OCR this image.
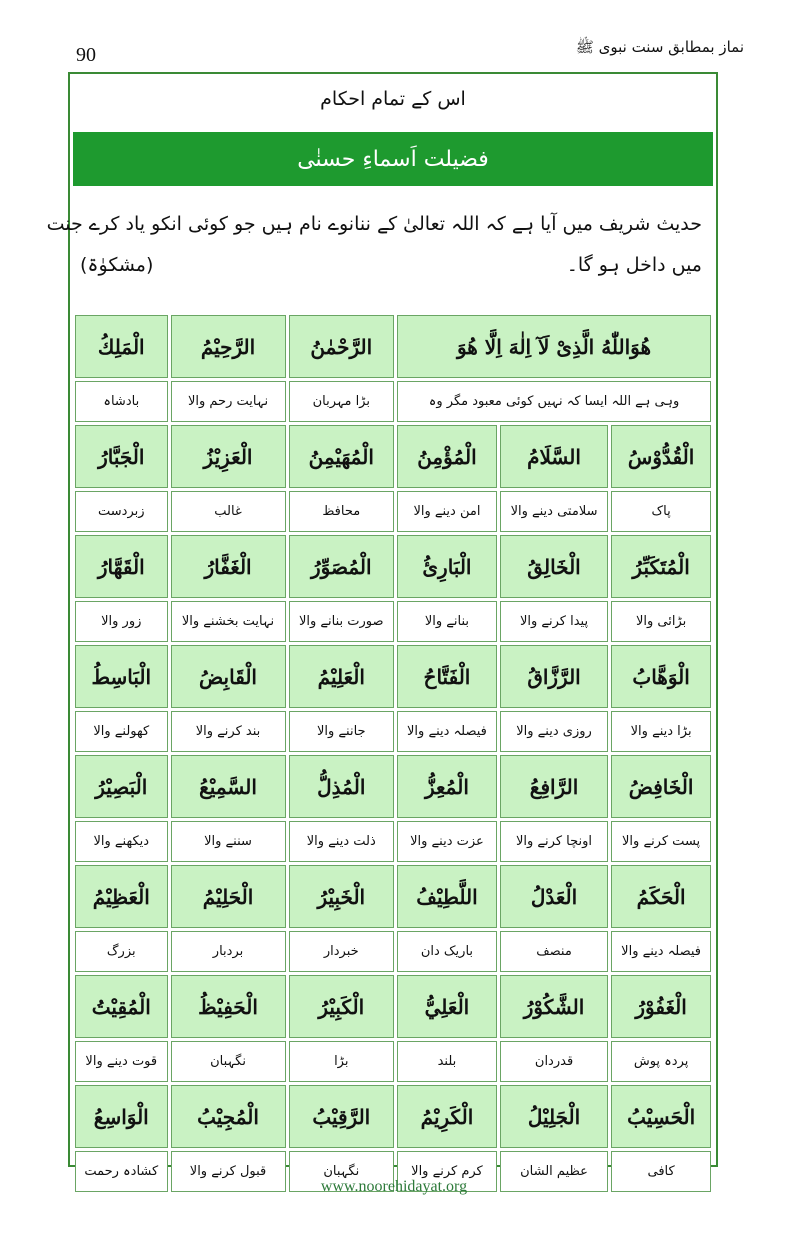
90	نماز بمطابق سنت نبوی ﷺ
اس کے تمام احکام
فضیلت اَسماءِ حسنٰی
حدیث شریف میں آیا ہے کہ اللہ تعالیٰ کے ننانوے نام ہیں جو کوئی انکو یاد کرے جنت
میں داخل ہو گا۔
(مشکوٰۃ)
هُوَاللّٰهُ الَّذِیْ لَآ اِلٰهَ اِلَّا هُوَ			الرَّحْمٰنُ	الرَّحِیْمُ	الْمَلِكُ
وہی ہے اللہ ایسا کہ نہیں کوئی معبود مگر وہ			بڑا مہربان	نہایت رحم والا	بادشاہ
الْقُدُّوْسُ	السَّلَامُ	الْمُؤْمِنُ	الْمُهَيْمِنُ	الْعَزِيْزُ	الْجَبَّارُ
پاک	سلامتی دینے والا	امن دینے والا	محافظ	غالب	زبردست
الْمُتَكَبِّرُ	الْخَالِقُ	الْبَارِئُ	الْمُصَوِّرُ	الْغَفَّارُ	الْقَهَّارُ
بڑائی والا	پیدا کرنے والا	بنانے والا	صورت بنانے والا	نہایت بخشنے والا	زور والا
الْوَهَّابُ	الرَّزَّاقُ	الْفَتَّاحُ	الْعَلِيْمُ	الْقَابِضُ	الْبَاسِطُ
بڑا دینے والا	روزی دینے والا	فیصلہ دینے والا	جاننے والا	بند کرنے والا	کھولنے والا
الْخَافِضُ	الرَّافِعُ	الْمُعِزُّ	الْمُذِلُّ	السَّمِيْعُ	الْبَصِيْرُ
پست کرنے والا	اونچا کرنے والا	عزت دینے والا	ذلت دینے والا	سننے والا	دیکھنے والا
الْحَكَمُ	الْعَدْلُ	اللَّطِيْفُ	الْخَبِيْرُ	الْحَلِيْمُ	الْعَظِيْمُ
فیصلہ دینے والا	منصف	باریک دان	خبردار	بردبار	بزرگ
الْغَفُوْرُ	الشَّكُوْرُ	الْعَلِيُّ	الْكَبِيْرُ	الْحَفِيْظُ	الْمُقِيْتُ
پردہ پوش	قدردان	بلند	بڑا	نگہبان	قوت دینے والا
الْحَسِيْبُ	الْجَلِيْلُ	الْكَرِيْمُ	الرَّقِيْبُ	الْمُجِيْبُ	الْوَاسِعُ
کافی	عظیم الشان	کرم کرنے والا	نگہبان	قبول کرنے والا	کشادہ رحمت
www.noorehidayat.org
